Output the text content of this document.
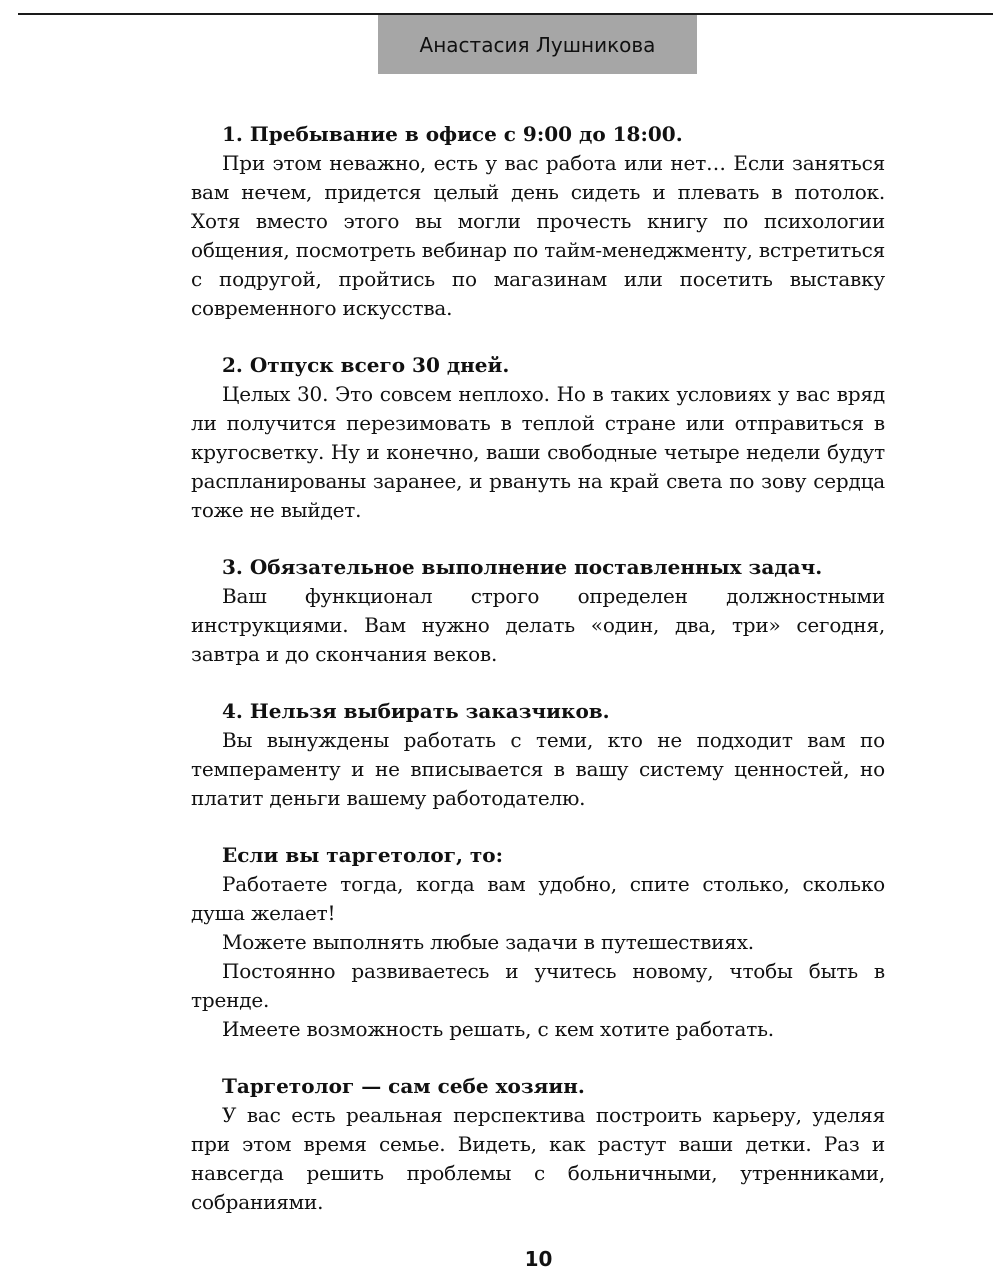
Анастасия Лушникова

1. Пребывание в офисе с 9:00 до 18:00.

При этом неважно, есть у вас работа или нет… Если заняться вам нечем, придется целый день сидеть и плевать в потолок. Хотя вместо этого вы могли прочесть книгу по психологии общения, посмотреть вебинар по тайм-менеджменту, встретиться с подругой, пройтись по магазинам или посетить выставку современного искусства.

2. Отпуск всего 30 дней.

Целых 30. Это совсем неплохо. Но в таких условиях у вас вряд ли получится перезимовать в теплой стране или отправиться в кругосветку. Ну и конечно, ваши свободные четыре недели будут распланированы заранее, и рвануть на край света по зову сердца тоже не выйдет.

3. Обязательное выполнение поставленных задач.

Ваш функционал строго определен должностными инструкциями. Вам нужно делать «один, два, три» сегодня, завтра и до скончания веков.

4. Нельзя выбирать заказчиков.

Вы вынуждены работать с теми, кто не подходит вам по темпераменту и не вписывается в вашу систему ценностей, но платит деньги вашему работодателю.

Если вы таргетолог, то:

Работаете тогда, когда вам удобно, спите столько, сколько душа желает!

Можете выполнять любые задачи в путешествиях.

Постоянно развиваетесь и учитесь новому, чтобы быть в тренде.

Имеете возможность решать, с кем хотите работать.

Таргетолог — сам себе хозяин.

У вас есть реальная перспектива построить карьеру, уделяя при этом время семье. Видеть, как растут ваши детки. Раз и навсегда решить проблемы с больничными, утренниками, собраниями.

10
